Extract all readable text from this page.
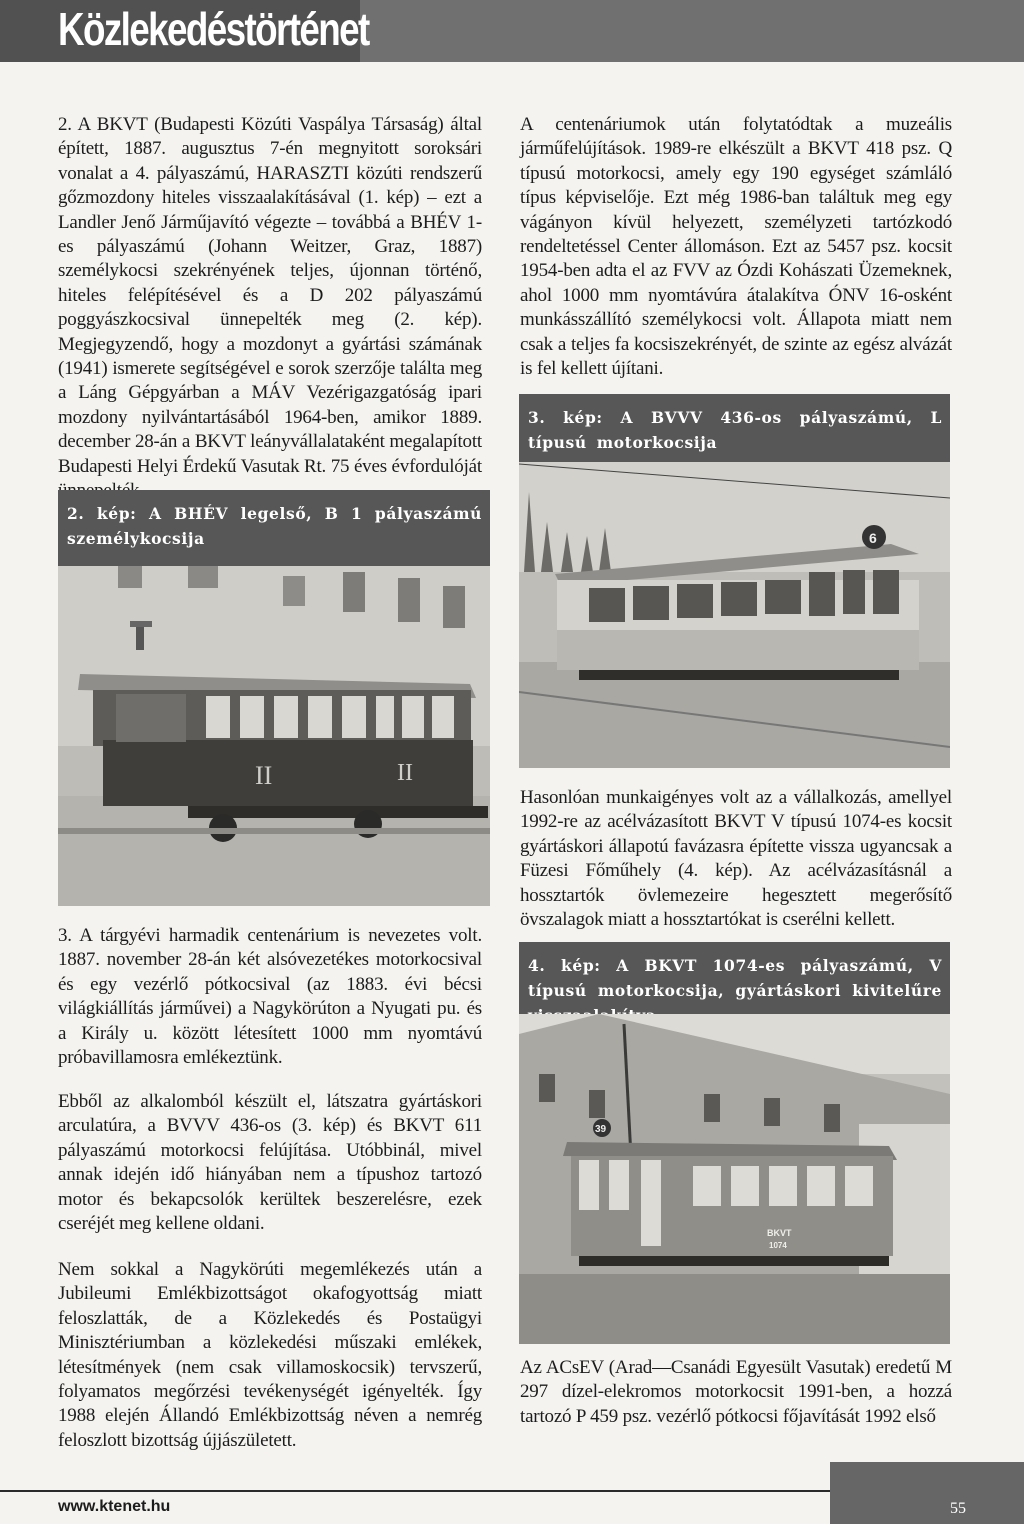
Közlekedéstörténet

2. A BKVT (Budapesti Közúti Vaspálya Társaság) által épített, 1887. augusztus 7-én megnyitott soroksári vonalat a 4. pályaszámú, HARASZTI közúti rendszerű gőzmozdony hiteles visszaalakításával (1. kép) – ezt a Landler Jenő Járműjavító végezte – továbbá a BHÉV 1-es pályaszámú (Johann Weitzer, Graz, 1887) személykocsi szekrényének teljes, újonnan történő, hiteles felépítésével és a D 202 pályaszámú poggyászkocsival ünnepelték meg (2. kép). Megjegyzendő, hogy a mozdonyt a gyártási számának (1941) ismerete segítségével e sorok szerzője találta meg a Láng Gépgyárban a MÁV Vezérigazgatóság ipari mozdony nyilvántartásából 1964-ben, amikor 1889. december 28-án a BKVT leányvállalataként megalapított Budapesti Helyi Érdekű Vasutak Rt. 75 éves évfordulóját

2. kép: A BHÉV legelső, B 1 pályaszámú személykocsija
II	II

3. A tárgyévi harmadik centenárium is nevezetes volt. 1887. november 28-án két alsóvezetékes motorkocsival és egy vezérlő pótkocsival (az 1883. évi bécsi világkiállítás járművei) a Nagykörúton a Nyugati pu. és a Király u. között létesített 1000 mm nyomtávú próbavillamosra emlékeztünk.

Ebből az alkalomból készült el, látszatra gyártáskori arculatúra, a BVVV 436-os (3. kép) és BKVT 611 pályaszámú motorkocsi felújítása. Utóbbinál, mivel annak idején idő hiányában nem a típushoz tartozó motor és bekapcsolók kerültek beszerelésre, ezek cseréjét meg kellene oldani.

Nem sokkal a Nagykörúti megemlékezés után a Jubileumi Emlékbizottságot okafogyottság miatt feloszlatták, de a Közlekedés és Postaügyi Minisztériumban a közlekedési műszaki emlékek, létesítmények (nem csak villamoskocsik) tervszerű, folyamatos megőrzési tevékenységét igényelték. Így 1988 elején Állandó Emlékbizottság néven a nemrég feloszlott bizottság újjászületett.

A centenáriumok után folytatódtak a muzeális járműfelújítások. 1989-re elkészült a BKVT 418 psz. Q típusú motorkocsi, amely egy 190 egységet számláló típus képviselője. Ezt még 1986-ban találtuk meg egy vágányon kívül helyezett, személyzeti tartózkodó rendeltetéssel Center állomáson. Ezt az 5457 psz. kocsit 1954-ben adta el az FVV az Ózdi Kohászati Üzemeknek, ahol 1000 mm nyomtávúra átalakítva ÓNV 16-osként munkásszállító személykocsi volt. Állapota miatt nem csak a teljes fa kocsiszekrényét, de szinte az egész alvázát is fel kellett újítani.

3. kép: A BVVV 436-os pályaszámú, L típusú motorkocsija
6

Hasonlóan munkaigényes volt az a vállalkozás, amellyel 1992-re az acélvázasított BKVT V típusú 1074-es kocsit gyártáskori állapotú favázasra építette vissza ugyancsak a Füzesi Főműhely (4. kép). Az acélvázasításnál a hossztartók övlemezeire hegesztett megerősítő övszalagok miatt a hossztartókat is cserélni kellett.

4. kép: A BKVT 1074-es pályaszámú, V típusú motorkocsija, gyártáskori kivitelűre
39
BKVT
1074

Az ACsEV (Arad—Csanádi Egyesült Vasutak) eredetű M 297 dízel-elekromos motorkocsit 1991-ben, a hozzá tartozó P 459 psz. vezérlő pótkocsi főjavítását 1992 első

www.ktenet.hu	55
